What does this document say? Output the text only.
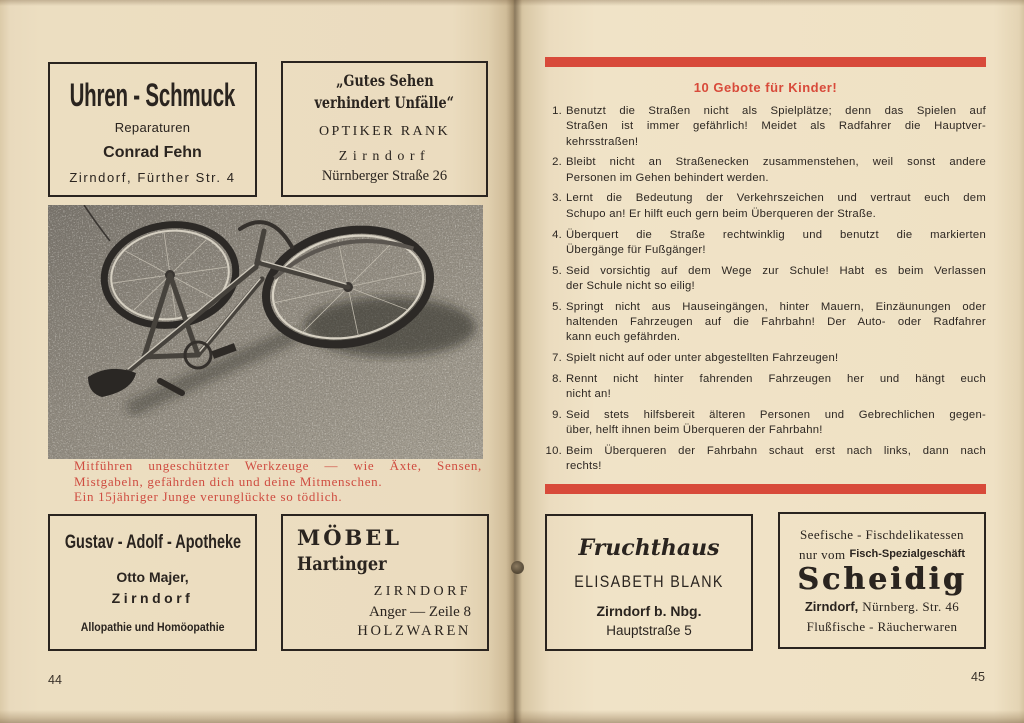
Uhren - Schmuck
Reparaturen
Conrad Fehn
Zirndorf, Fürther Str. 4
„Gutes Sehen
verhindert Unfälle“
OPTIKER RANK
Zirndorf
Nürnberger Straße 26
Mitführen ungeschützter Werkzeuge — wie Äxte, Sensen,
Mistgabeln, gefährden dich und deine Mitmenschen.
Ein 15jähriger Junge verunglückte so tödlich.
Gustav - Adolf - Apotheke
Otto Majer,
Zirndorf
Allopathie und Homöopathie
MÖBEL
Hartinger
ZIRNDORF
Anger — Zeile 8
HOLZWAREN
44
10 Gebote für Kinder!
1. Benutzt die Straßen nicht als Spielplätze; denn das Spielen auf
Straßen ist immer gefährlich! Meidet als Radfahrer die Hauptver-
kehrsstraßen!
2. Bleibt nicht an Straßenecken zusammenstehen, weil sonst andere
Personen im Gehen behindert werden.
3. Lernt die Bedeutung der Verkehrszeichen und vertraut euch dem
Schupo an! Er hilft euch gern beim Überqueren der Straße.
4. Überquert die Straße rechtwinklig und benutzt die markierten
Übergänge für Fußgänger!
5. Seid vorsichtig auf dem Wege zur Schule! Habt es beim Verlassen
der Schule nicht so eilig!
5. Springt nicht aus Hauseingängen, hinter Mauern, Einzäunungen oder
haltenden Fahrzeugen auf die Fahrbahn! Der Auto- oder Radfahrer
kann euch gefährden.
7. Spielt nicht auf oder unter abgestellten Fahrzeugen!
8. Rennt nicht hinter fahrenden Fahrzeugen her und hängt euch
nicht an!
9. Seid stets hilfsbereit älteren Personen und Gebrechlichen gegen-
über, helft ihnen beim Überqueren der Fahrbahn!
10. Beim Überqueren der Fahrbahn schaut erst nach links, dann nach
rechts!
Fruchthaus
ELISABETH BLANK
Zirndorf b. Nbg.
Hauptstraße 5
Seefische - Fischdelikatessen
nur vom Fisch-Spezialgeschäft
Scheidig
Zirndorf, Nürnberg. Str. 46
Flußfische - Räucherwaren
45
